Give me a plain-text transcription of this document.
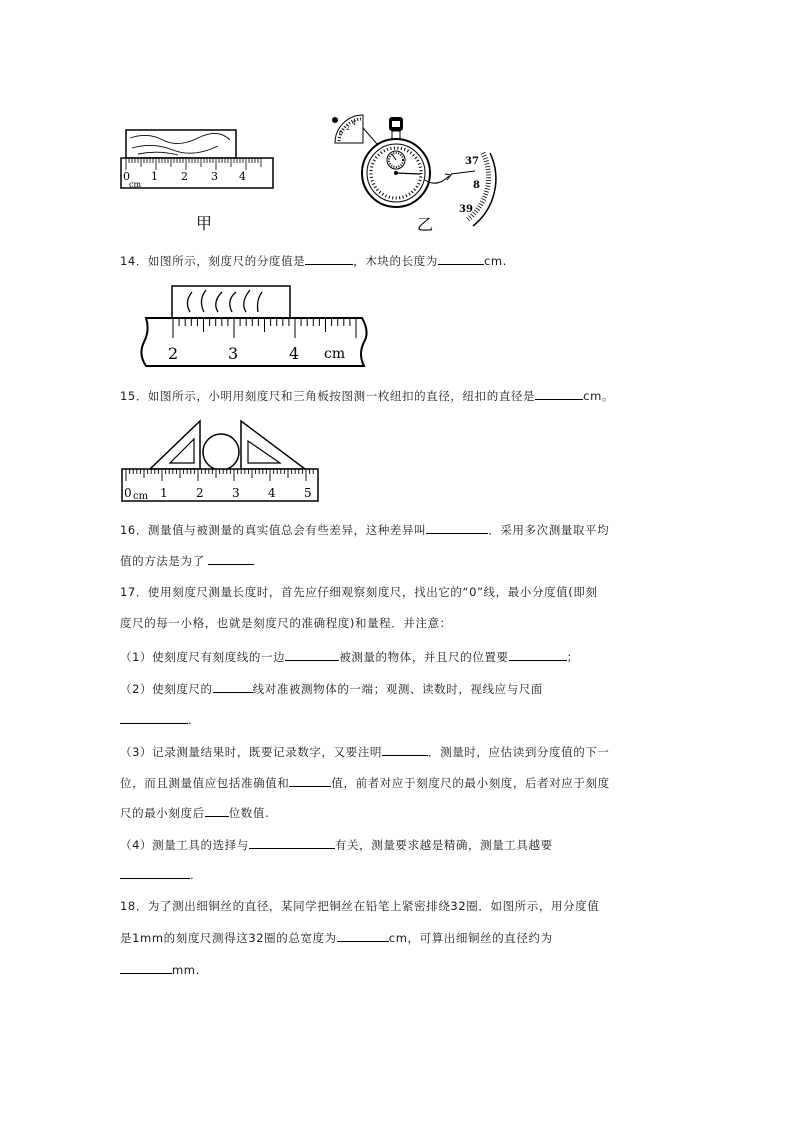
0 1 2 3 4
cm
甲
4
2
6
37
8
39
乙
14．如图所示，刻度尺的分度值是	，木块的长度为	cm.
2	3	4 cm
15．如图所示，小明用刻度尺和三角板按图测一枚纽扣的直径，纽扣的直径是	cm。
0 cm 1 2 3 4 5
16．测量值与被测量的真实值总会有些差异，这种差异叫	．采用多次测量取平均
值的方法是为了
17．使用刻度尺测量长度时，首先应仔细观察刻度尺，找出它的“0”线，最小分度值(即刻
度尺的每一小格，也就是刻度尺的准确程度)和量程．并注意：
（1）使刻度尺有刻度线的一边	被测量的物体，并且尺的位置要	；
（2）使刻度尺的	线对准被测物体的一端；观测、读数时，视线应与尺面
.
（3）记录测量结果时，既要记录数字，又要注明	．测量时，应估读到分度值的下一
位，而且测量值应包括准确值和	值，前者对应于刻度尺的最小刻度，后者对应于刻度
尺的最小刻度后 位数值.
（4）测量工具的选择与	有关，测量要求越是精确，测量工具越要
.
18．为了测出细铜丝的直径，某同学把铜丝在铅笔上紧密排绕32圈．如图所示，用分度值
是1mm的刻度尺测得这32圈的总宽度为	cm，可算出细铜丝的直径约为
mm.
